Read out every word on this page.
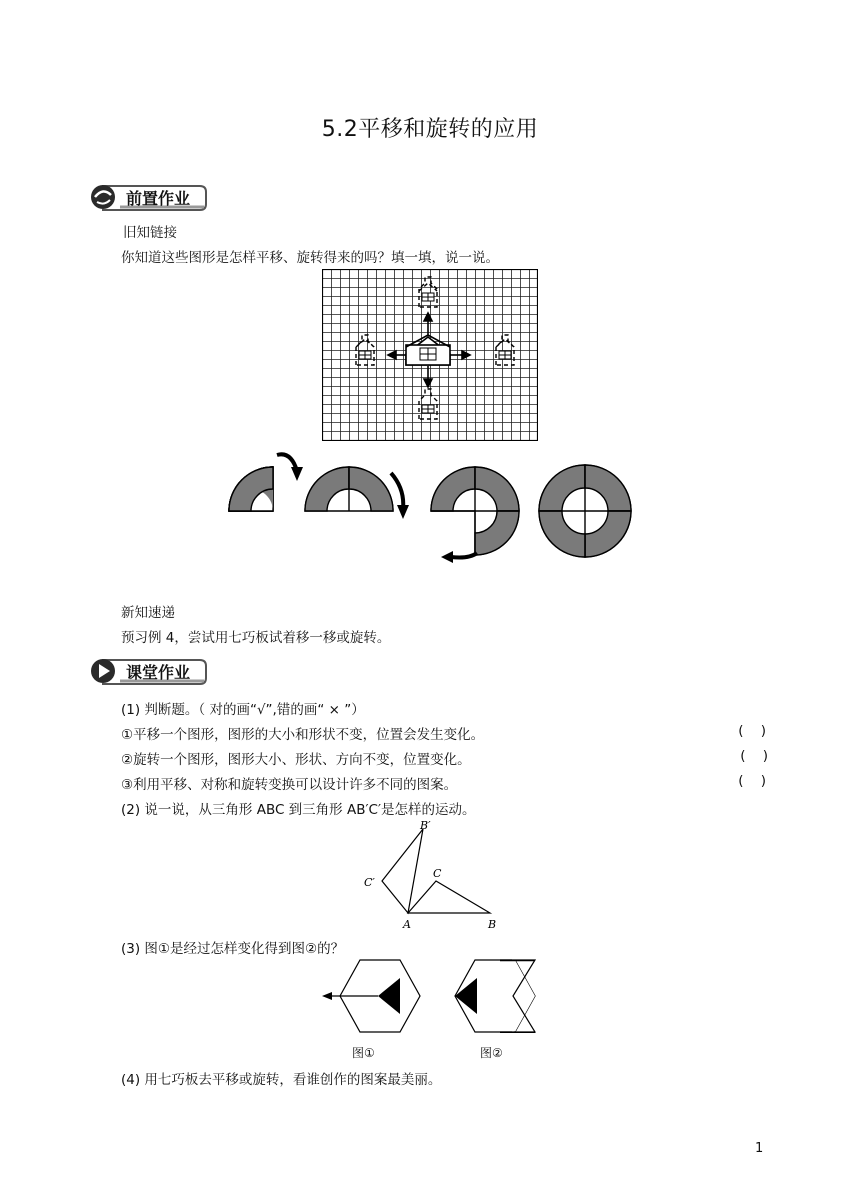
5.2平移和旋转的应用
前置作业
旧知链接
你知道这些图形是怎样平移、旋转得来的吗？填一填，说一说。
新知速递
预习例 4，尝试用七巧板试着移一移或旋转。
课堂作业
(1) 判断题。（ 对的画“√”,错的画“ × ”）
①平移一个图形，图形的大小和形状不变，位置会发生变化。	(    )
②旋转一个图形，图形大小、形状、方向不变，位置变化。	(    )
③利用平移、对称和旋转变换可以设计许多不同的图案。	(    )
(2) 说一说，从三角形 ABC 到三角形 AB′C′是怎样的运动。
A	B
C
B′
C′
(3) 图①是经过怎样变化得到图②的？
图①	图②
(4) 用七巧板去平移或旋转，看谁创作的图案最美丽。
1
